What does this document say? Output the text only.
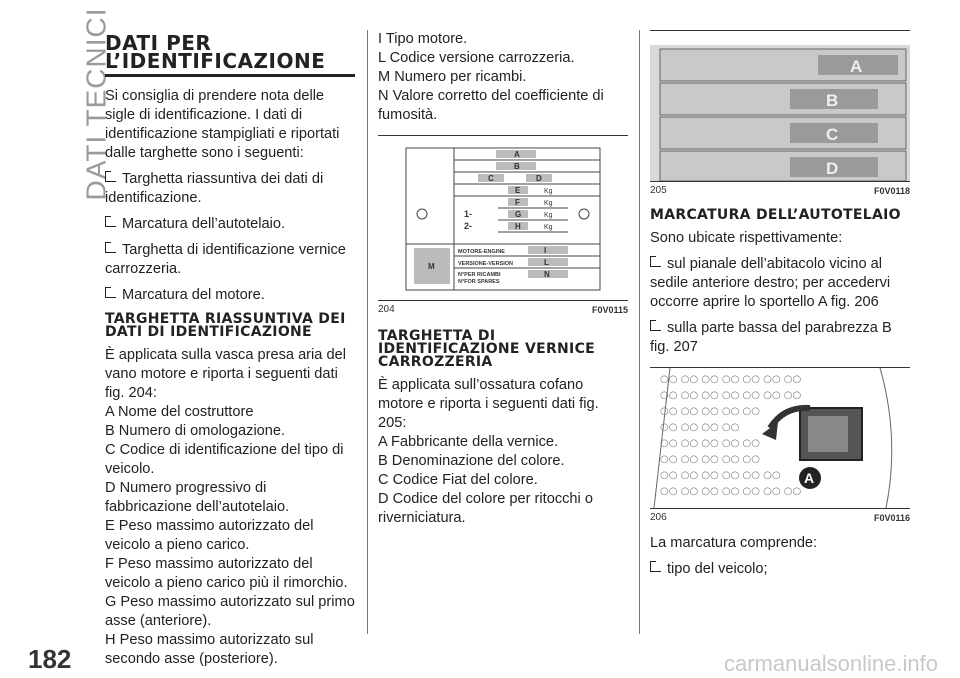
DATI TECNICI
DATI PER
L’IDENTIFICAZIONE

Si consiglia di prendere nota delle sigle di identificazione. I dati di identificazione stampigliati e riportati dalle targhette sono i seguenti:

Targhetta riassuntiva dei dati di identificazione.
Marcatura dell’autotelaio.
Targhetta di identificazione vernice carrozzeria.
Marcatura del motore.
TARGHETTA RIASSUNTIVA DEI DATI DI IDENTIFICAZIONE

È applicata sulla vasca presa aria del vano motore e riporta i seguenti dati fig. 204:

A Nome del costruttore
B Numero di omologazione.
C Codice di identificazione del tipo di veicolo.
D Numero progressivo di fabbricazione dell’autotelaio.
E Peso massimo autorizzato del veicolo a pieno carico.
F Peso massimo autorizzato del veicolo a pieno carico più il rimorchio.
G Peso massimo autorizzato sul primo asse (anteriore).
H Peso massimo autorizzato sul secondo asse (posteriore).
I Tipo motore.
L Codice versione carrozzeria.
M Numero per ricambi.
N Valore corretto del coefficiente di fumosità.
A
B
C	D
E
F
G
H
I
L
M
N
Kg
Kg
Kg
Kg
1-
2-
MOTORE-ENGINE
VERSIONE-VERSION
N°PER RICAMBI
N°FOR SPARES
204	F0V0115
TARGHETTA DI IDENTIFICAZIONE VERNICE CARROZZERIA

È applicata sull’ossatura cofano motore e riporta i seguenti dati fig. 205:

A Fabbricante della vernice.
B Denominazione del colore.
C Codice Fiat del colore.
D Codice del colore per ritocchi o riverniciatura.
A
B
C
D
205	F0V0118
MARCATURA DELL’AUTOTELAIO

Sono ubicate rispettivamente:

sul pianale dell’abitacolo vicino al sedile anteriore destro; per accedervi occorre aprire lo sportello A fig. 206
sulla parte bassa del parabrezza B fig. 207
○○ ○○ ○○ ○○ ○○ ○○ ○○
○○ ○○ ○○ ○○ ○○ ○○ ○○
○○ ○○ ○○ ○○ ○○
○○ ○○ ○○ ○○
○○ ○○ ○○ ○○ ○○
○○ ○○ ○○ ○○ ○○
○○ ○○ ○○ ○○ ○○ ○○
○○ ○○ ○○ ○○ ○○ ○○ ○○
A
206	F0V0116

La marcatura comprende:

tipo del veicolo;
182	carmanualsonline.info
